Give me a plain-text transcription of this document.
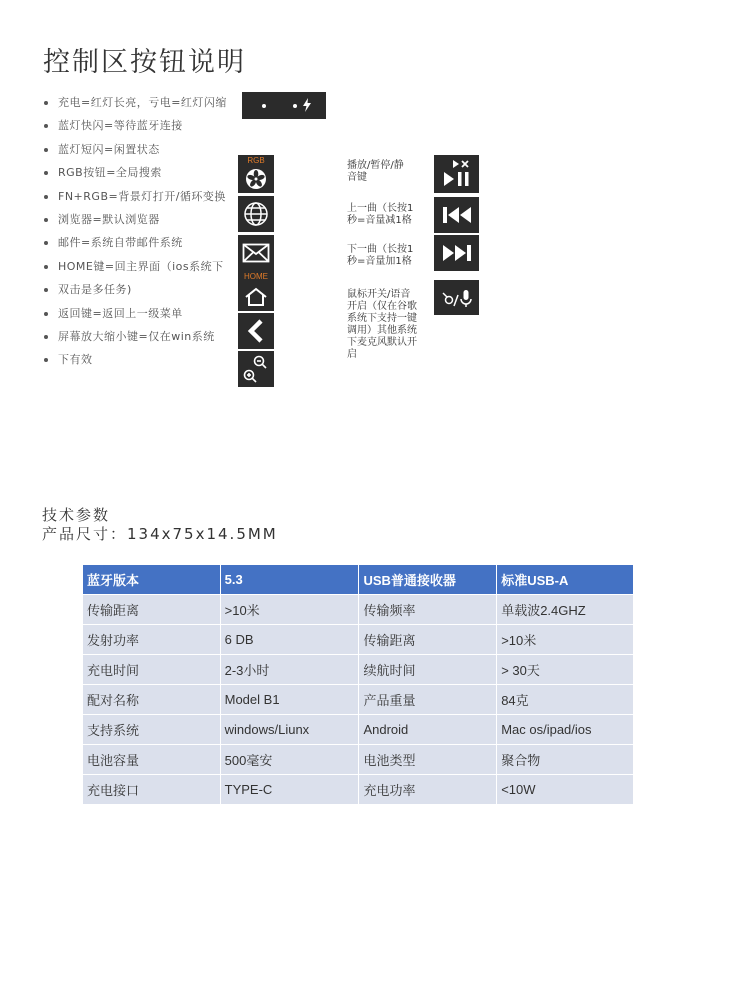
控制区按钮说明
充电=红灯长亮，亏电=红灯闪缩
蓝灯快闪=等待蓝牙连接
蓝灯短闪=闲置状态
RGB按钮=全局搜索
FN+RGB=背景灯打开/循环变换
浏览器=默认浏览器
邮件=系统自带邮件系统
HOME键=回主界面（ios系统下
双击是多任务)
返回键=返回上一级菜单
屏幕放大缩小键=仅在win系统
下有效
RGB
HOME
播放/暂停/静
音键
上一曲（长按1
秒=音量减1格
下一曲（长按1
秒=音量加1格
鼠标开关/语音
开启（仅在谷歌
系统下支持一键
调用）其他系统
下麦克风默认开
启
技术参数
产品尺寸：134x75x14.5MM
蓝牙版本	5.3	USB普通接收器	标准USB-A
传输距离	>10米	传输频率	单载波2.4GHZ
发射功率	6 DB	传输距离	>10米
充电时间	2-3小时	续航时间	> 30天
配对名称	Model B1	产品重量	84克
支持系统	windows/Liunx	Android	Mac os/ipad/ios
电池容量	500毫安	电池类型	聚合物
充电接口	TYPE-C	充电功率	<10W
